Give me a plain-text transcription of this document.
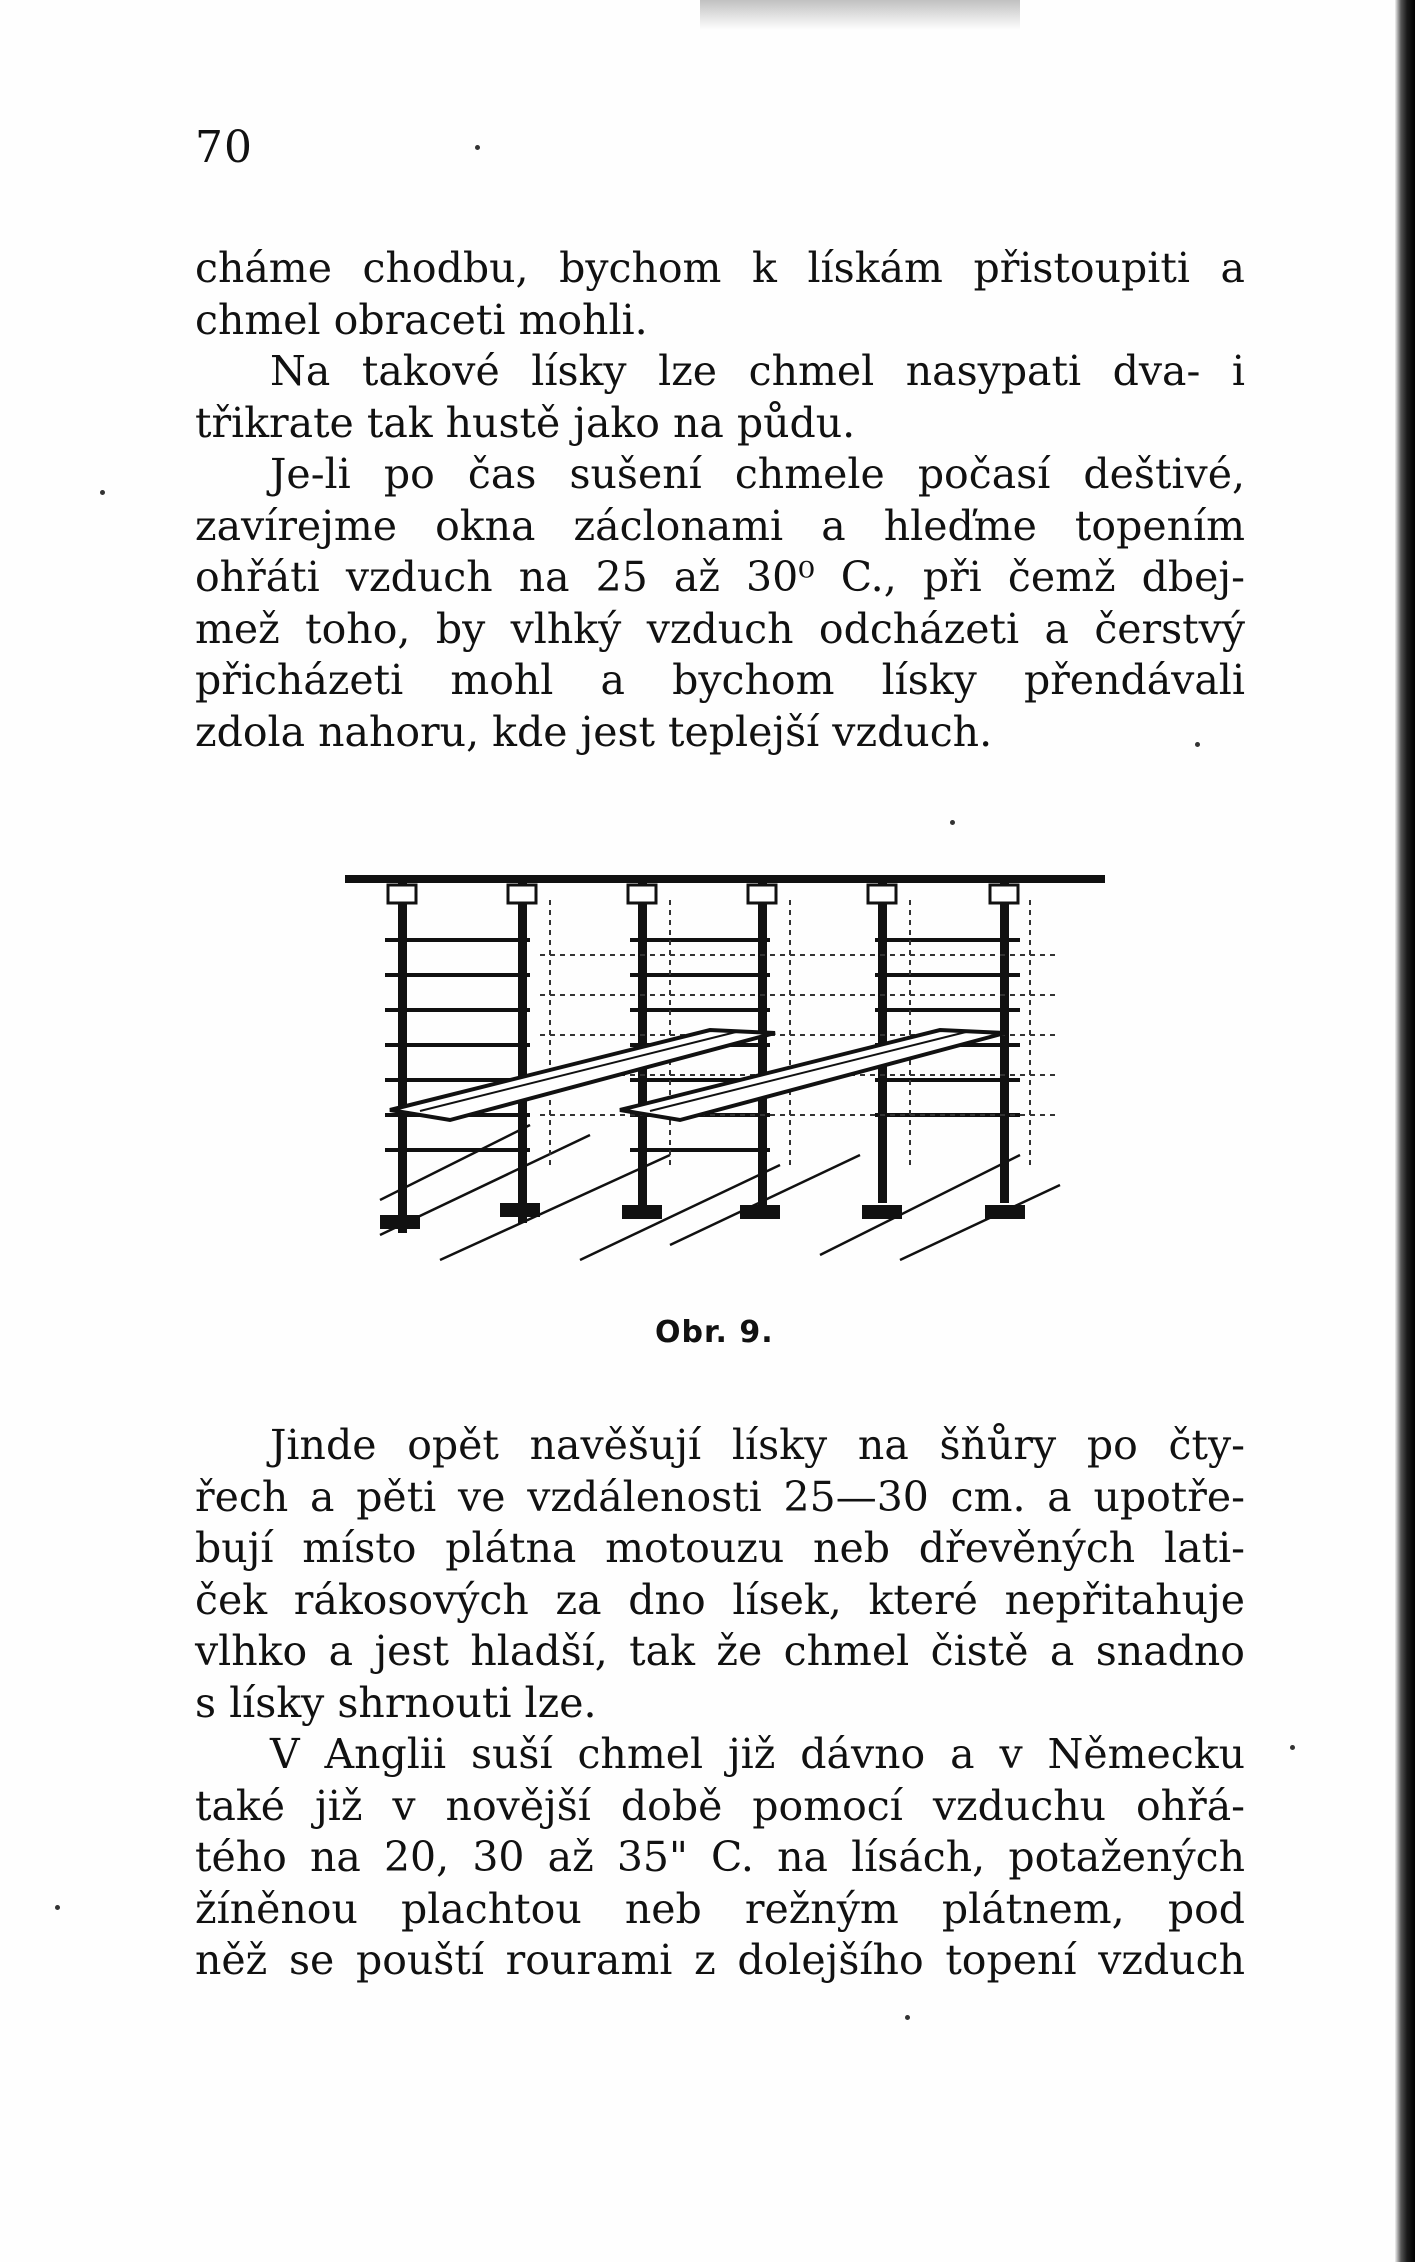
70
cháme chodbu, bychom k lískám přistoupiti a
chmel obraceti mohli.
Na takové lísky lze chmel nasypati dva- i
třikrate tak hustě jako na půdu.
Je-li po čas sušení chmele počasí deštivé,
zavírejme okna záclonami a hleďme topením
ohřáti vzduch na 25 až 30⁰ C., při čemž dbej-
mež toho, by vlhký vzduch odcházeti a čerstvý
přicházeti mohl a bychom lísky přendávali
zdola nahoru, kde jest teplejší vzduch.
Obr. 9.
Jinde opět navěšují lísky na šňůry po čty-
řech a pěti ve vzdálenosti 25—30 cm. a upotře-
bují místo plátna motouzu neb dřevěných lati-
ček rákosových za dno lísek, které nepřitahuje
vlhko a jest hladší, tak že chmel čistě a snadno
s lísky shrnouti lze.
V Anglii suší chmel již dávno a v Německu
také již v novější době pomocí vzduchu ohřá-
tého na 20, 30 až 35" C. na lísách, potažených
žíněnou plachtou neb režným plátnem, pod
něž se pouští rourami z dolejšího topení vzduch
